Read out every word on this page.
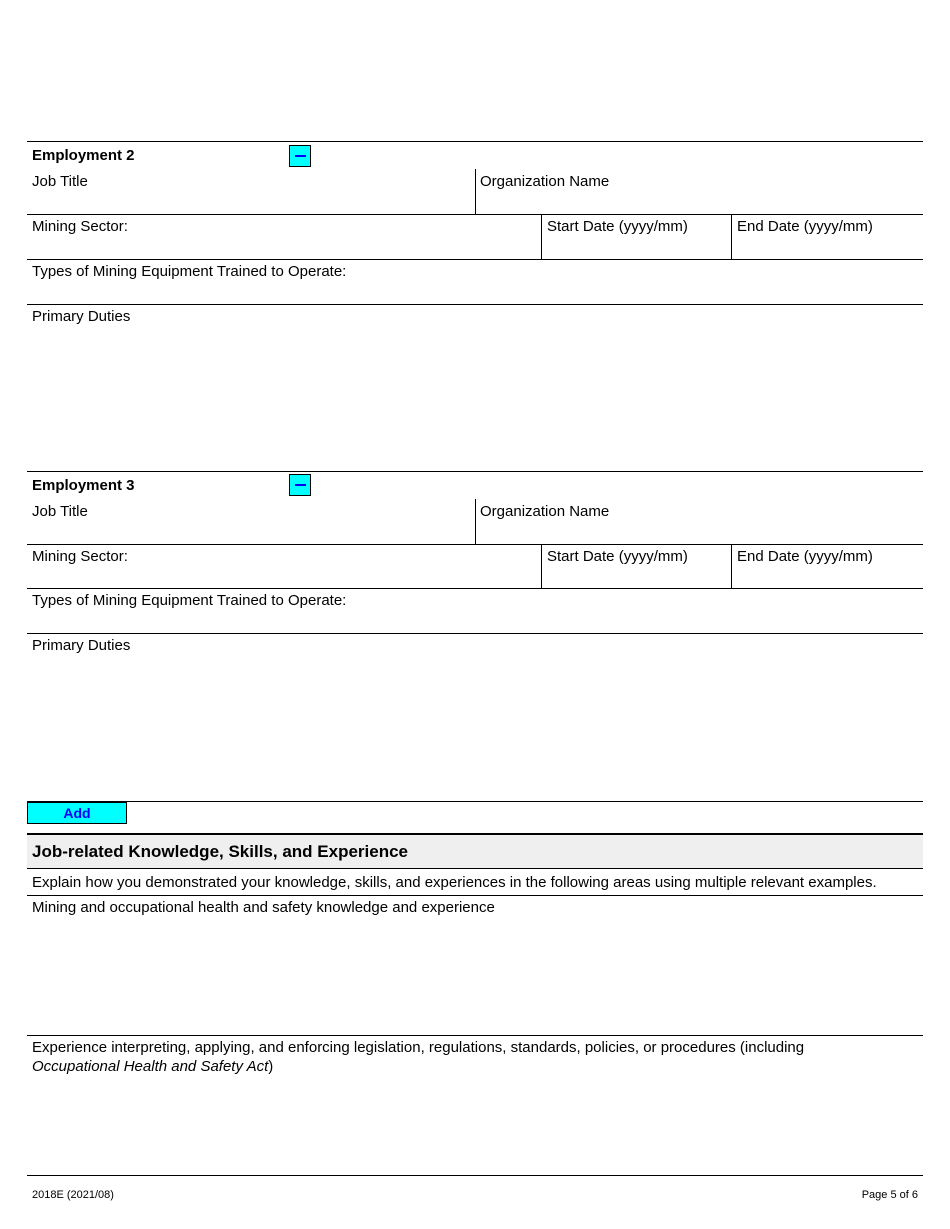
Employment 2
Job Title	Organization Name
Mining Sector:	Start Date (yyyy/mm)	End Date (yyyy/mm)
Types of Mining Equipment Trained to Operate:
Primary Duties
Employment 3
Job Title	Organization Name
Mining Sector:	Start Date (yyyy/mm)	End Date (yyyy/mm)
Types of Mining Equipment Trained to Operate:
Primary Duties
Add
Job-related Knowledge, Skills, and Experience
Explain how you demonstrated your knowledge, skills, and experiences in the following areas using multiple relevant examples.
Mining and occupational health and safety knowledge and experience
Experience interpreting, applying, and enforcing legislation, regulations, standards, policies, or procedures (including
Occupational Health and Safety Act)
2018E (2021/08)	Page 5 of 6
